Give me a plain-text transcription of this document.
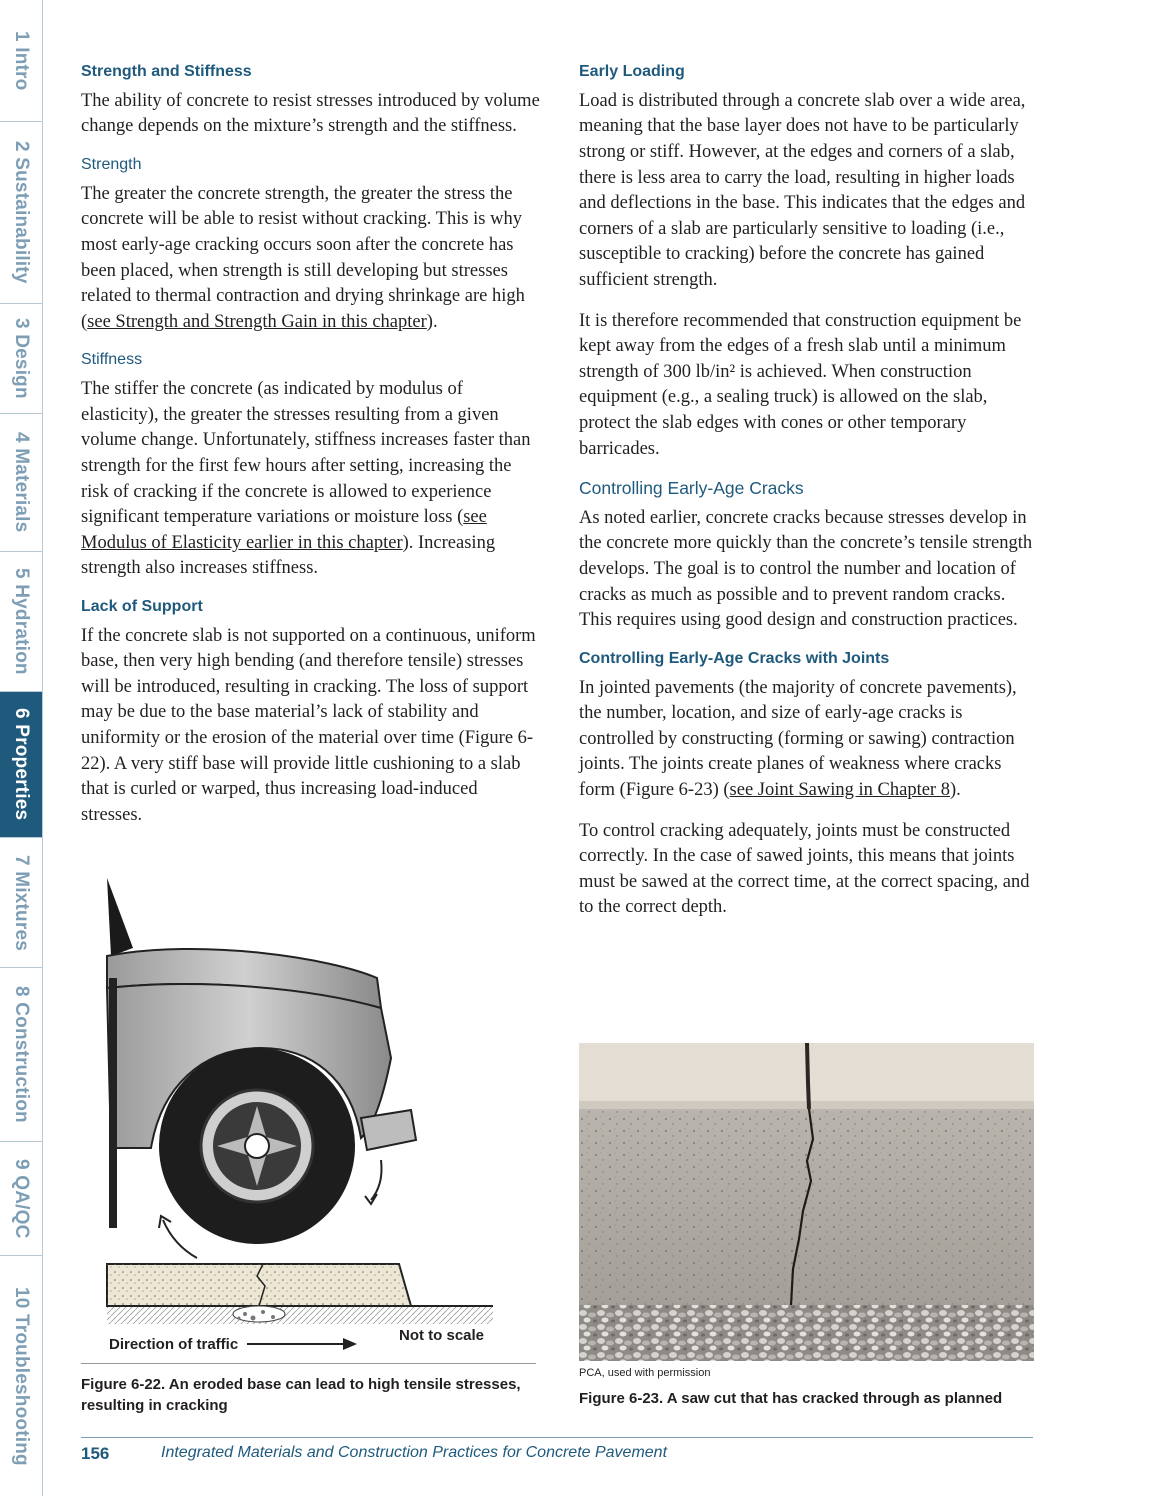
1 Intro
2 Sustainability
3 Design
4 Materials
5 Hydration
6 Properties
7 Mixtures
8 Construction
9 QA/QC
10 Troubleshooting
Strength and Stiffness

The ability of concrete to resist stresses introduced by volume change depends on the mixture’s strength and the stiffness.

Strength

The greater the concrete strength, the greater the stress the concrete will be able to resist without cracking. This is why most early-age cracking occurs soon after the concrete has been placed, when strength is still developing but stresses related to thermal contraction and drying shrinkage are high (see Strength and Strength Gain in this chapter).

Stiffness

The stiffer the concrete (as indicated by modulus of elasticity), the greater the stresses resulting from a given volume change. Unfortunately, stiffness increases faster than strength for the first few hours after setting, increasing the risk of cracking if the concrete is allowed to experience significant temperature variations or moisture loss (see Modulus of Elasticity earlier in this chapter). Increasing strength also increases stiffness.

Lack of Support

If the concrete slab is not supported on a continuous, uniform base, then very high bending (and therefore tensile) stresses will be introduced, resulting in cracking. The loss of support may be due to the base material’s lack of stability and uniformity or the erosion of the material over time (Figure 6-22). A very stiff base will provide little cushioning to a slab that is curled or warped, thus increasing load-induced stresses.

Direction of traffic
Not to scale
Figure 6-22. An eroded base can lead to high tensile stresses, resulting in cracking
Early Loading

Load is distributed through a concrete slab over a wide area, meaning that the base layer does not have to be particularly strong or stiff. However, at the edges and corners of a slab, there is less area to carry the load, resulting in higher loads and deflections in the base. This indicates that the edges and corners of a slab are particularly sensitive to loading (i.e., susceptible to cracking) before the concrete has gained sufficient strength.

It is therefore recommended that construction equipment be kept away from the edges of a fresh slab until a minimum strength of 300 lb/in² is achieved. When construction equipment (e.g., a sealing truck) is allowed on the slab, protect the slab edges with cones or other temporary barricades.

Controlling Early-Age Cracks

As noted earlier, concrete cracks because stresses develop in the concrete more quickly than the concrete’s tensile strength develops. The goal is to control the number and location of cracks as much as possible and to prevent random cracks. This requires using good design and construction practices.

Controlling Early-Age Cracks with Joints

In jointed pavements (the majority of concrete pavements), the number, location, and size of early-age cracks is controlled by constructing (forming or sawing) contraction joints. The joints create planes of weakness where cracks form (Figure 6-23) (see Joint Sawing in Chapter 8).

To control cracking adequately, joints must be constructed correctly. In the case of sawed joints, this means that joints must be sawed at the correct time, at the correct spacing, and to the correct depth.

PCA, used with permission
Figure 6-23. A saw cut that has cracked through as planned
156	Integrated Materials and Construction Practices for Concrete Pavement
